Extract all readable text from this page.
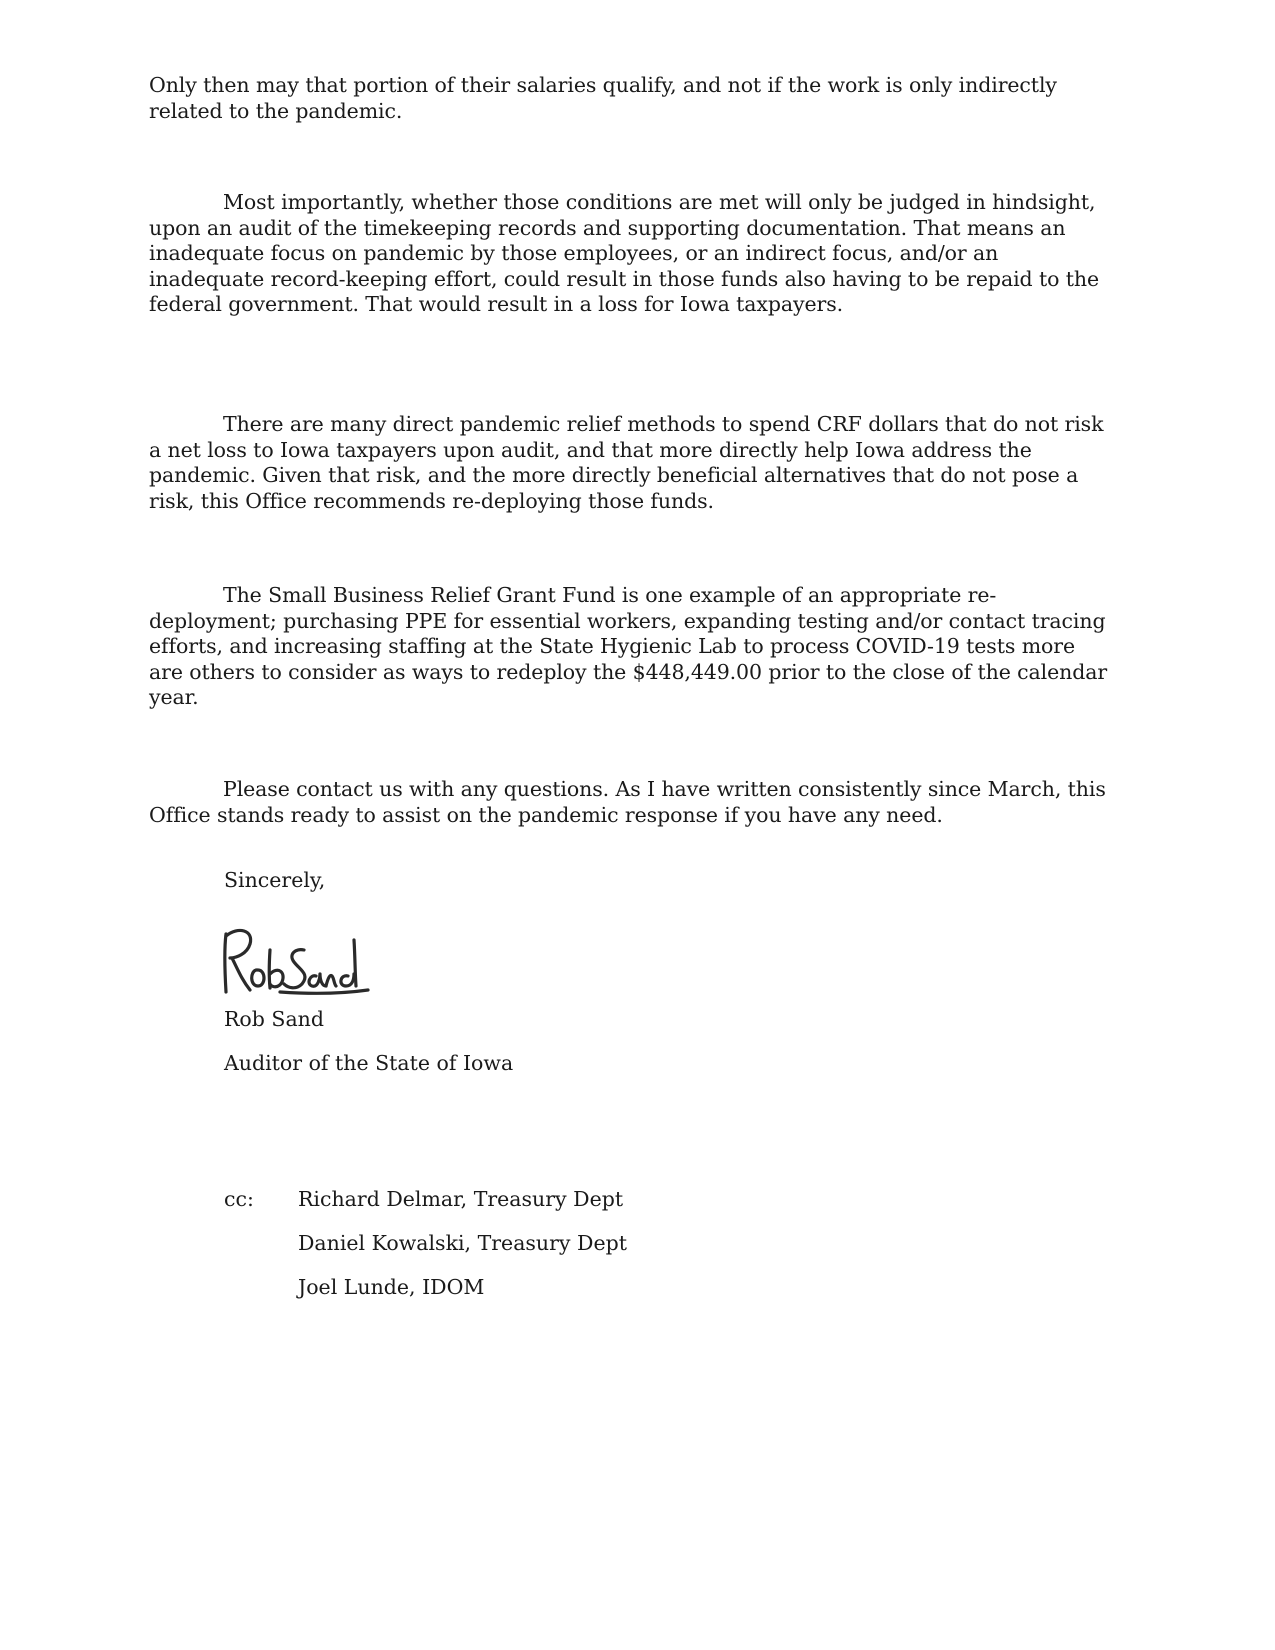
Only then may that portion of their salaries qualify, and not if the work is only indirectly related to the pandemic.

Most importantly, whether those conditions are met will only be judged in hindsight, upon an audit of the timekeeping records and supporting documentation. That means an inadequate focus on pandemic by those employees, or an indirect focus, and/or an inadequate record-keeping effort, could result in those funds also having to be repaid to the federal government. That would result in a loss for Iowa taxpayers.

There are many direct pandemic relief methods to spend CRF dollars that do not risk a net loss to Iowa taxpayers upon audit, and that more directly help Iowa address the pandemic. Given that risk, and the more directly beneficial alternatives that do not pose a risk, this Office recommends re-deploying those funds.

The Small Business Relief Grant Fund is one example of an appropriate re-deployment; purchasing PPE for essential workers, expanding testing and/or contact tracing efforts, and increasing staffing at the State Hygienic Lab to process COVID-19 tests more are others to consider as ways to redeploy the $448,449.00 prior to the close of the calendar year.

Please contact us with any questions. As I have written consistently since March, this Office stands ready to assist on the pandemic response if you have any need.

Sincerely,

Rob Sand

Auditor of the State of Iowa

cc: Richard Delmar, Treasury Dept

Daniel Kowalski, Treasury Dept

Joel Lunde, IDOM
